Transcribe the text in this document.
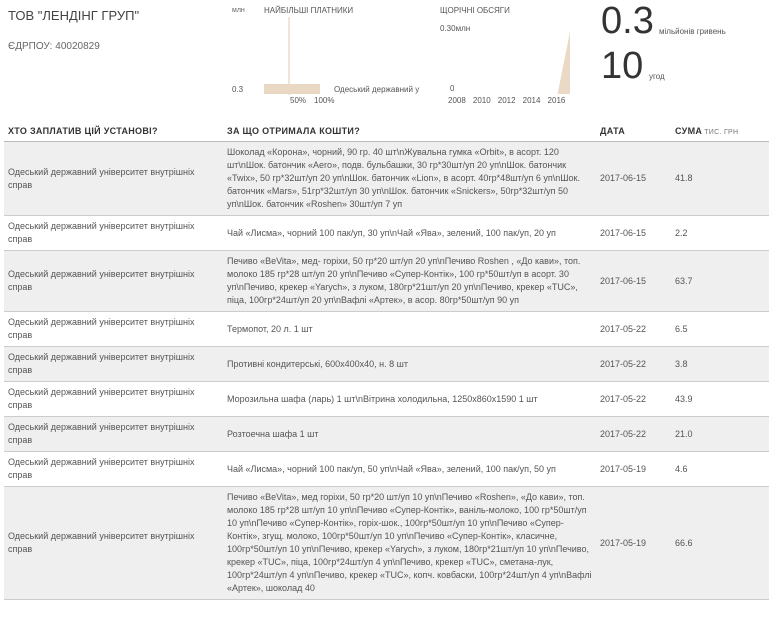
ТОВ "ЛЕНДІНГ ГРУП"
ЄДРПОУ: 40020829
млн НАЙБІЛЬШІ ПЛАТНИКИ
0.3	Одеський державний у
50% 100%
ЩОРІЧНІ ОБСЯГИ
0.30млн
0
2008 2010 2012 2014 2016
0.3 мільйонів гривень
10 угод
ХТО ЗАПЛАТИВ ЦІЙ УСТАНОВІ?	ЗА ЩО ОТРИМАЛА КОШТИ?	ДАТА	СУМА ТИС. ГРН
Одеський державний університет внутрішніх справ	Шоколад «Корона», чорний, 90 гр. 40 шт\nЖувальна гумка «Orbit», в асорт. 120 шт\nШок. батончик «Aero», подв. бульбашки, 30 гр*30шт/уп 20 уп\nШок. батончик «Twix», 50 гр*32шт/уп 20 уп\nШок. батончик «Lion», в асорт. 40гр*48шт/уп 6 уп\nШок. батончик «Mars», 51гр*32шт/уп 30 уп\nШок. батончик «Snickers», 50гр*32шт/уп 50 уп\nШок. батончик «Roshen» 30шт/уп 7 уп	2017-06-15	41.8
Одеський державний університет внутрішніх справ	Чай «Лисма», чорний 100 пак/уп, 30 уп\nЧай «Ява», зелений, 100 пак/уп, 20 уп	2017-06-15	2.2
Одеський державний університет внутрішніх справ	Печиво «BeVita», мед- горіхи, 50 гр*20 шт/уп 20 уп\nПечиво Roshen , «До кави», топ. молоко 185 гр*28 шт/уп 20 уп\nПечиво «Супер-Контік», 100 гр*50шт/уп в асорт. 30 уп\nПечиво, крекер «Yarych», з луком, 180гр*21шт/уп 20 уп\nПечиво, крекер «TUC», піца, 100гр*24шт/уп 20 уп\nВафлі «Артек», в асор. 80гр*50шт/уп 90 уп	2017-06-15	63.7
Одеський державний університет внутрішніх справ	Термопот, 20 л. 1 шт	2017-05-22	6.5
Одеський державний університет внутрішніх справ	Противні кондитерські, 600х400х40, н. 8 шт	2017-05-22	3.8
Одеський державний університет внутрішніх справ	Морозильна шафа (ларь) 1 шт\nВітрина холодильна, 1250х860х1590 1 шт	2017-05-22	43.9
Одеський державний університет внутрішніх справ	Розтоечна шафа 1 шт	2017-05-22	21.0
Одеський державний університет внутрішніх справ	Чай «Лисма», чорний 100 пак/уп, 50 уп\nЧай «Ява», зелений, 100 пак/уп, 50 уп	2017-05-19	4.6
Одеський державний університет внутрішніх справ	Печиво «BeVita», мед горіхи, 50 гр*20 шт/уп 10 уп\nПечиво «Roshen», «До кави», топ. молоко 185 гр*28 шт/уп 10 уп\nПечиво «Супер-Контік», ваніль-молоко, 100 гр*50шт/уп 10 уп\nПечиво «Супер-Контік», горіх-шок., 100гр*50шт/уп 10 уп\nПечиво «Супер-Контік», згущ. молоко, 100гр*50шт/уп 10 уп\nПечиво «Супер-Контік», класичне, 100гр*50шт/уп 10 уп\nПечиво, крекер «Yarych», з луком, 180гр*21шт/уп 10 уп\nПечиво, крекер «TUC», піца, 100гр*24шт/уп 4 уп\nПечиво, крекер «TUC», сметана-лук, 100гр*24шт/уп 4 уп\nПечиво, крекер «TUC», копч. ковбаски, 100гр*24шт/уп 4 уп\nВафлі «Артек», шоколад 40	2017-05-19	66.6
